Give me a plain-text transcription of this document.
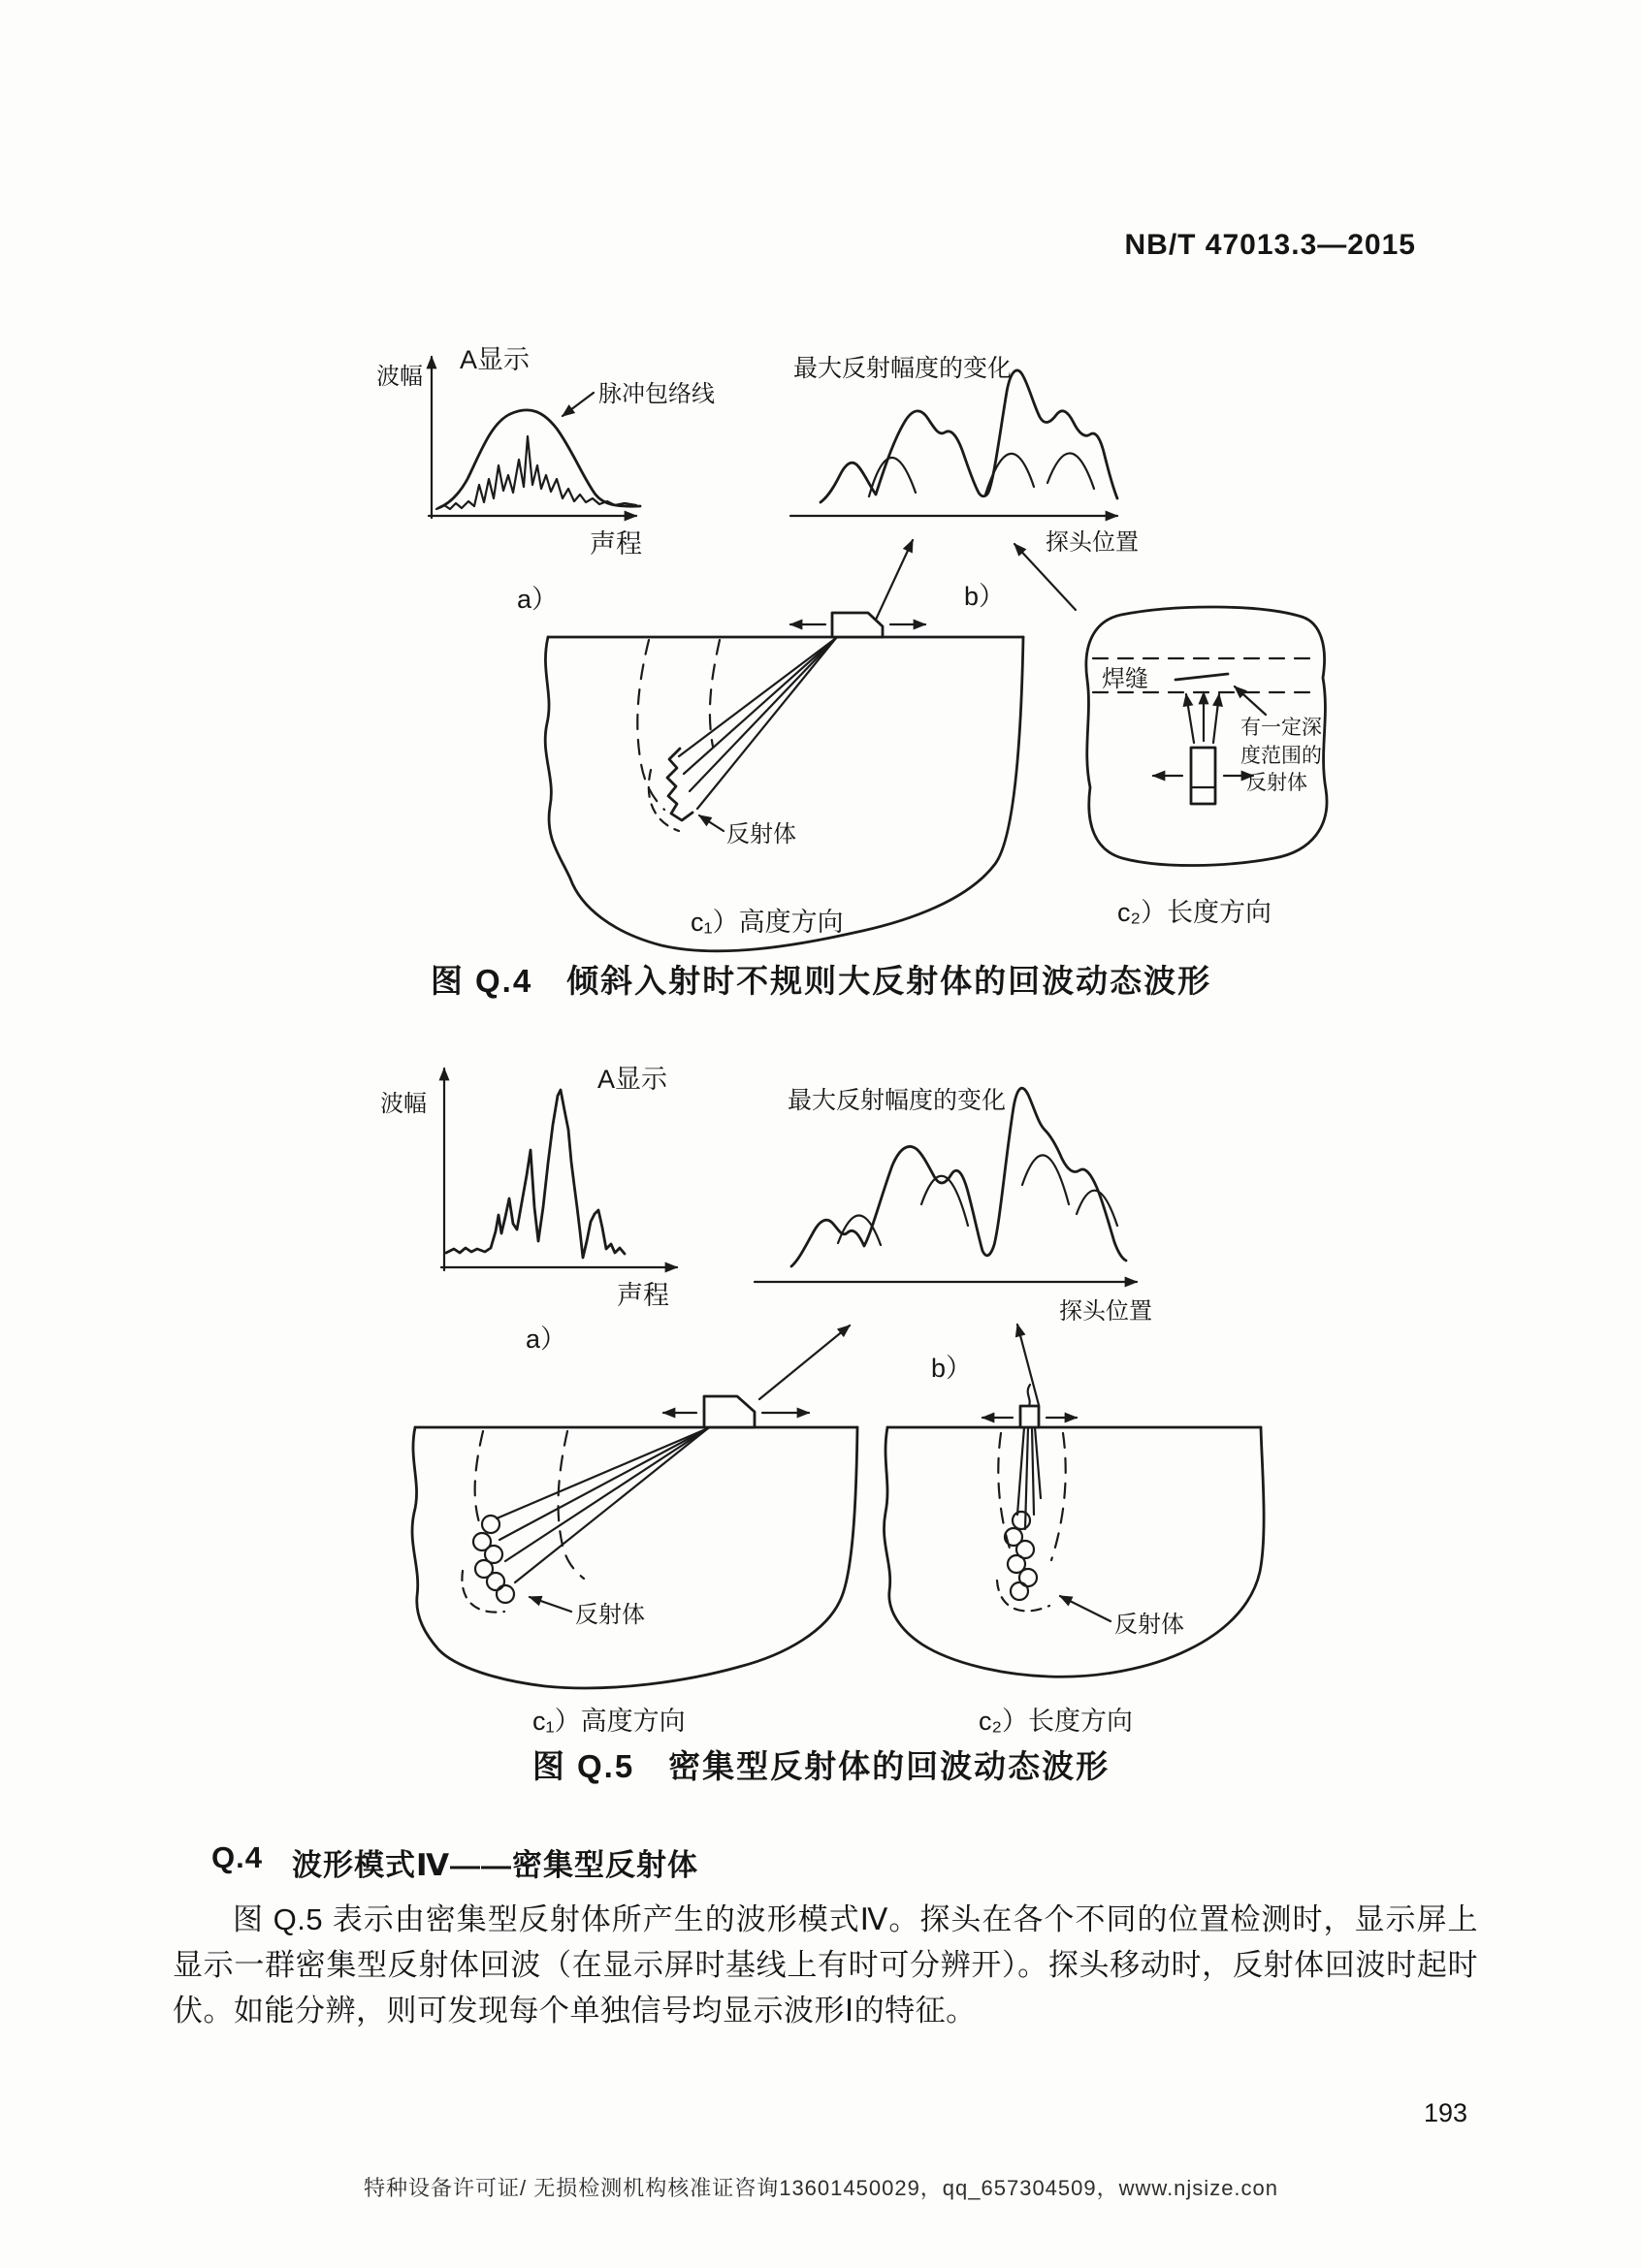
NB/T 47013.3—2015
波幅
A显示
脉冲包络线
声程
a）
最大反射幅度的变化
探头位置
b）
反射体
c₁）高度方向
焊缝
有一定深
度范围的
反射体
c₂）长度方向
波幅
A显示
声程
a）
最大反射幅度的变化
探头位置
b）
反射体
c₁）高度方向
反射体
c₂）长度方向
图 Q.4　倾斜入射时不规则大反射体的回波动态波形
图 Q.5　密集型反射体的回波动态波形
Q.4 波形模式Ⅳ——密集型反射体
图 Q.5 表示由密集型反射体所产生的波形模式Ⅳ。探头在各个不同的位置检测时，显示屏上显示一群密集型反射体回波（在显示屏时基线上有时可分辨开）。探头移动时，反射体回波时起时伏。如能分辨，则可发现每个单独信号均显示波形Ⅰ的特征。
193
特种设备许可证/ 无损检测机构核准证咨询13601450029，qq_657304509，www.njsize.con
